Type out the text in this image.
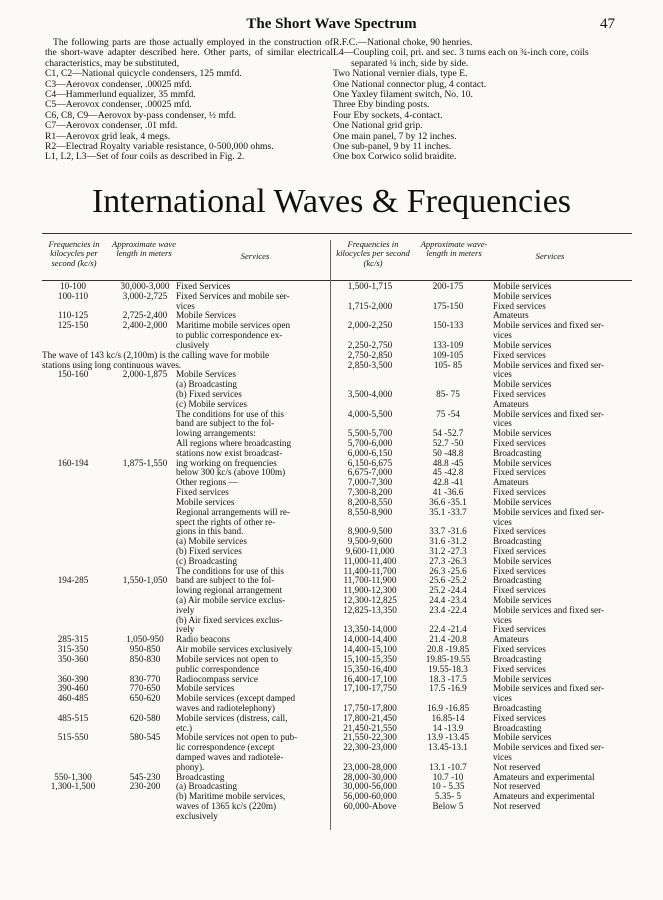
The Short Wave Spectrum	47

The following parts are those actually employed in the construction of the short-wave adapter described here. Other parts, of similar electrical characteristics, may be substituted,

C1, C2—National quicycle condensers, 125 mmfd.

C3—Aerovox condenser, .00025 mfd.

C4—Hammerlund equalizer, 35 mmfd.

C5—Aerovox condenser, .00025 mfd.

C6, C8, C9—Aerovox by-pass condenser, ½ mfd.

C7—Aerovox condenser, .01 mfd.

R1—Aerovox grid leak, 4 megs.

R2—Electrad Royalty variable resistance, 0-500,000 ohms.

L1, L2, L3—Set of four coils as described in Fig. 2.

R.F.C.—National choke, 90 henries.

L4—Coupling coil, pri. and sec. 3 turns each on ¾-inch core, coils separated ¼ inch, side by side.

Two National vernier dials, type E.

One National connector plug, 4 contact.

One Yaxley filament switch, No. 10.

Three Eby binding posts.

Four Eby sockets, 4-contact.

One National grid grip.

One main panel, 7 by 12 inches.

One sub-panel, 9 by 11 inches.

One box Corwico solid braidite.

International Waves & Frequencies
Frequencies in kilocycles per second (kc/s)
Approximate wave length in meters	Services
Frequencies in kilocycles per second (kc/s)
Approximate wave-length in meters	Services
10-100	30,000-3,000 Fixed Services
100-110	3,000-2,725 Fixed Services and mobile ser-
vices
110-125	2,725-2,400 Mobile Services
125-150	2,400-2,000 Maritime mobile services open
to public correspondence ex-
clusively
The wave of 143 kc/s (2,100m) is the calling wave for mobile
stations using long continuous waves.
150-160	2,000-1,875 Mobile Services
(a) Broadcasting
(b) Fixed services
(c) Mobile services
The conditions for use of this
band are subject to the fol-
lowing arrangements:
All regions where broadcasting
stations now exist broadcast-
160-194	1,875-1,550 ing working on frequencies
below 300 kc/s (above 100m)
Other regions —
Fixed services
Mobile services
Regional arrangements will re-
spect the rights of other re-
gions in this band.
(a) Mobile services
(b) Fixed services
(c) Broadcasting
The conditions for use of this
194-285	1,550-1,050 band are subject to the fol-
lowing regional arrangement
(a) Air mobile service exclus-
ively
(b) Air fixed services exclus-
ively
285-315	1,050-950	Radio beacons
315-350	950-850	Air mobile services exclusively
350-360	850-830	Mobile services not open to
public correspondence
360-390	830-770	Radiocompass service
390-460	770-650	Mobile services
460-485	650-620	Mobile services (except damped
waves and radiotelephony)
485-515	620-580	Mobile services (distress, call,
etc.)
515-550	580-545	Mobile services not open to pub-
lic correspondence (except
damped waves and radiotele-
phony).
550-1,300	545-230	Broadcasting
1,300-1,500	230-200	(a) Broadcasting
(b) Maritime mobile services,
waves of 1365 kc/s (220m)
exclusively
1,500-1,715	200-175	Mobile services
Mobile services
1,715-2,000	175-150	Fixed services
Amateurs
2,000-2,250	150-133	Mobile services and fixed ser-
vices
2,250-2,750	133-109	Mobile services
2,750-2,850	109-105	Fixed services
2,850-3,500	105- 85	Mobile services and fixed ser-
vices
Mobile services
3,500-4,000	85- 75	Fixed services
Amateurs
4,000-5,500	75 -54	Mobile services and fixed ser-
vices
5,500-5,700	54 -52.7	Mobile services
5,700-6,000	52.7 -50	Fixed services
6,000-6,150	50 -48.8	Broadcasting
6,150-6,675	48.8 -45	Mobile services
6,675-7,000	45 -42.8	Fixed services
7,000-7,300	42.8 -41	Amateurs
7,300-8,200	41 -36.6	Fixed services
8,200-8,550	36.6 -35.1	Mobile services
8,550-8,900	35.1 -33.7	Mobile services and fixed ser-
vices
8,900-9,500	33.7 -31.6	Fixed services
9,500-9,600	31.6 -31.2	Broadcasting
9,600-11,000	31.2 -27.3	Fixed services
11,000-11,400	27.3 -26.3	Mobile services
11,400-11,700	26.3 -25.6	Fixed services
11,700-11,900	25.6 -25.2	Broadcasting
11,900-12,300	25.2 -24.4	Fixed services
12,300-12,825	24.4 -23.4	Mobile services
12,825-13,350	23.4 -22.4	Mobile services and fixed ser-
vices
13,350-14,000	22.4 -21.4	Fixed services
14,000-14,400	21.4 -20.8	Amateurs
14,400-15,100	20.8 -19.85	Fixed services
15,100-15,350	19.85-19.55	Broadcasting
15,350-16,400	19.55-18.3	Fixed services
16,400-17,100	18.3 -17.5	Mobile services
17,100-17,750	17.5 -16.9	Mobile services and fixed ser-
vices
17,750-17,800	16.9 -16.85	Broadcasting
17,800-21,450	16.85-14	Fixed services
21,450-21,550	14 -13.9	Broadcasting
21,550-22,300	13.9 -13.45	Mobile services
22,300-23,000	13.45-13.1	Mobile services and fixed ser-
vices
23,000-28,000	13.1 -10.7	Not reserved
28,000-30,000	10.7 -10	Amateurs and experimental
30,000-56,000	10 - 5.35	Not reserved
56,000-60,000	5.35- 5	Amateurs and experimental
60,000-Above	Below 5	Not reserved
